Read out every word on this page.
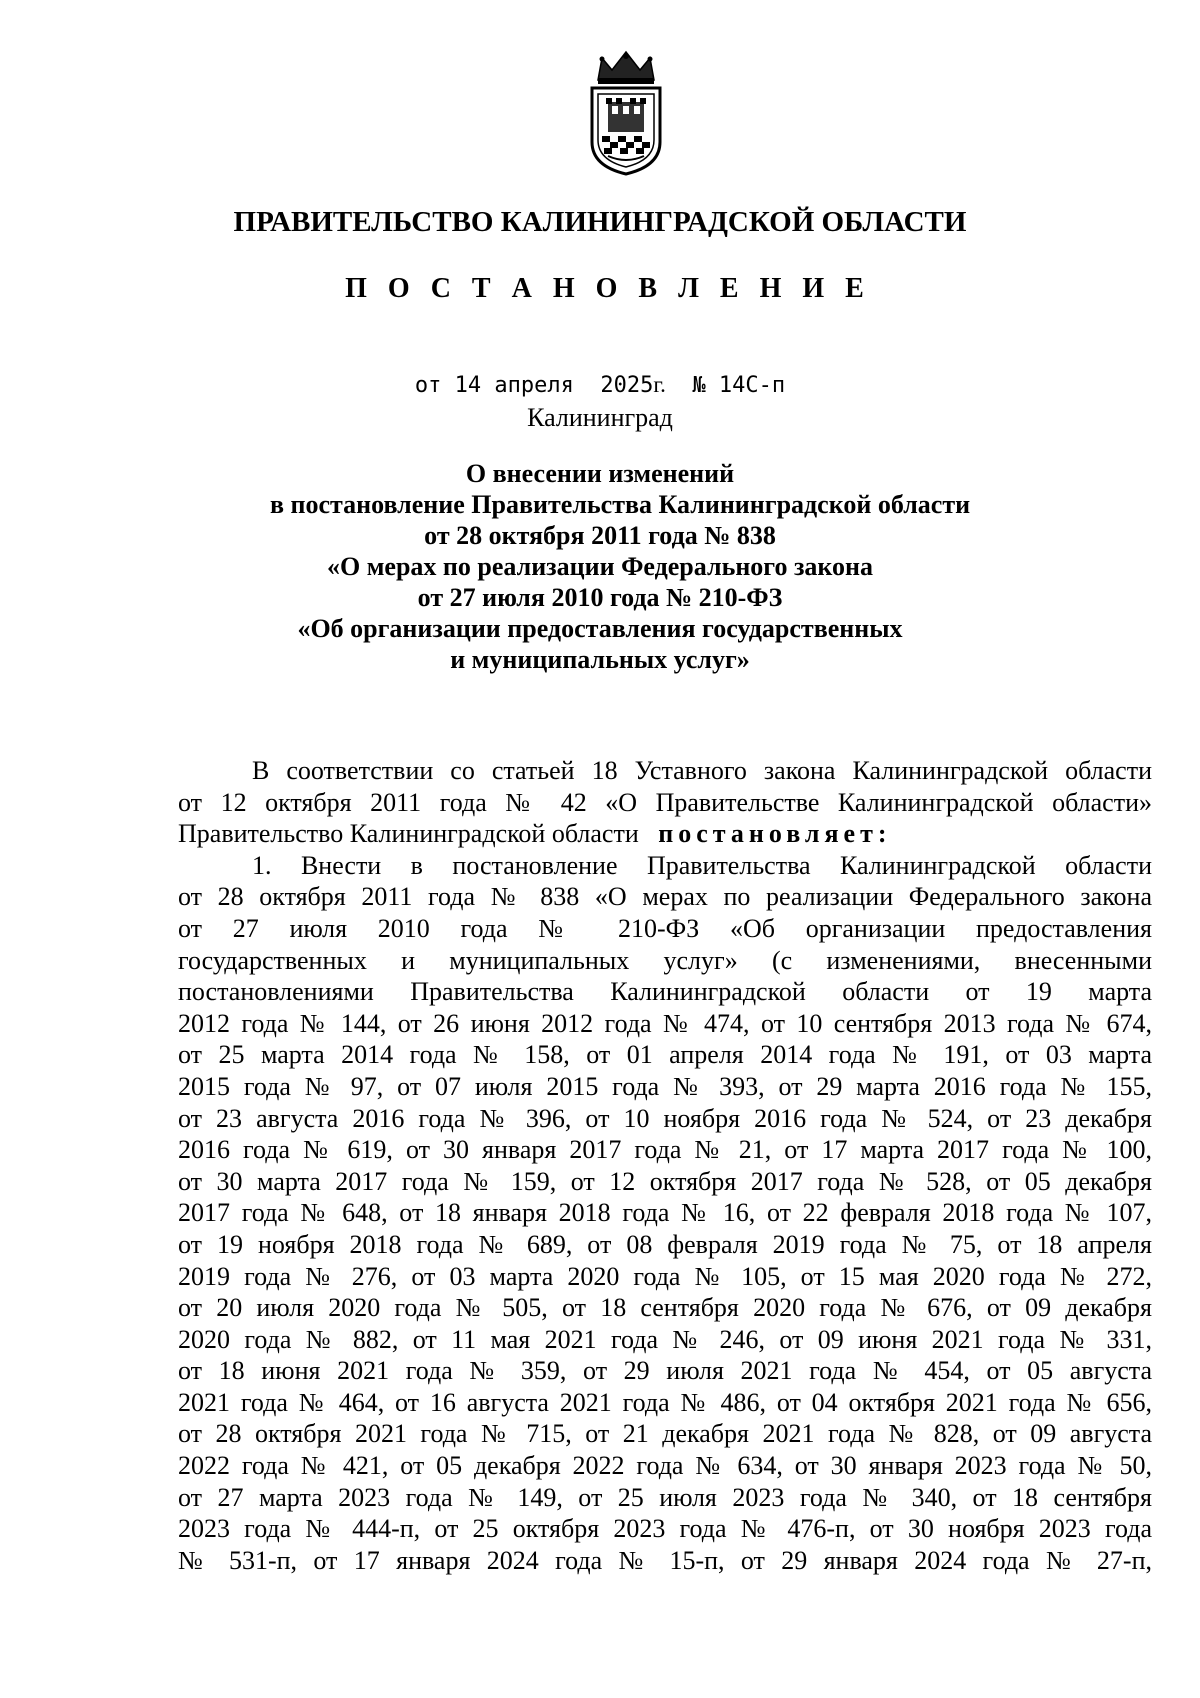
ПРАВИТЕЛЬСТВО КАЛИНИНГРАДСКОЙ ОБЛАСТИ
П О С Т А Н О В Л Е Н И Е
от 14 апреля 2025г. № 14С-п
Калининград
О внесении изменений
в постановление Правительства Калининградской области
от 28 октября 2011 года № 838
«О мерах по реализации Федерального закона
от 27 июля 2010 года № 210-ФЗ
«Об организации предоставления государственных
и муниципальных услуг»
В соответствии со статьей 18 Уставного закона Калининградской области
от 12 октября 2011 года № 42 «О Правительстве Калининградской области»
Правительство Калининградской области постановляет:
1. Внести в постановление Правительства Калининградской области
от 28 октября 2011 года № 838 «О мерах по реализации Федерального закона
от 27 июля 2010 года № 210-ФЗ «Об организации предоставления
государственных и муниципальных услуг» (с изменениями, внесенными
постановлениями Правительства Калининградской области от 19 марта
2012 года № 144, от 26 июня 2012 года № 474, от 10 сентября 2013 года № 674,
от 25 марта 2014 года № 158, от 01 апреля 2014 года № 191, от 03 марта
2015 года № 97, от 07 июля 2015 года № 393, от 29 марта 2016 года № 155,
от 23 августа 2016 года № 396, от 10 ноября 2016 года № 524, от 23 декабря
2016 года № 619, от 30 января 2017 года № 21, от 17 марта 2017 года № 100,
от 30 марта 2017 года № 159, от 12 октября 2017 года № 528, от 05 декабря
2017 года № 648, от 18 января 2018 года № 16, от 22 февраля 2018 года № 107,
от 19 ноября 2018 года № 689, от 08 февраля 2019 года № 75, от 18 апреля
2019 года № 276, от 03 марта 2020 года № 105, от 15 мая 2020 года № 272,
от 20 июля 2020 года № 505, от 18 сентября 2020 года № 676, от 09 декабря
2020 года № 882, от 11 мая 2021 года № 246, от 09 июня 2021 года № 331,
от 18 июня 2021 года № 359, от 29 июля 2021 года № 454, от 05 августа
2021 года № 464, от 16 августа 2021 года № 486, от 04 октября 2021 года № 656,
от 28 октября 2021 года № 715, от 21 декабря 2021 года № 828, от 09 августа
2022 года № 421, от 05 декабря 2022 года № 634, от 30 января 2023 года № 50,
от 27 марта 2023 года № 149, от 25 июля 2023 года № 340, от 18 сентября
2023 года № 444-п, от 25 октября 2023 года № 476-п, от 30 ноября 2023 года
№ 531-п, от 17 января 2024 года № 15-п, от 29 января 2024 года № 27-п,
